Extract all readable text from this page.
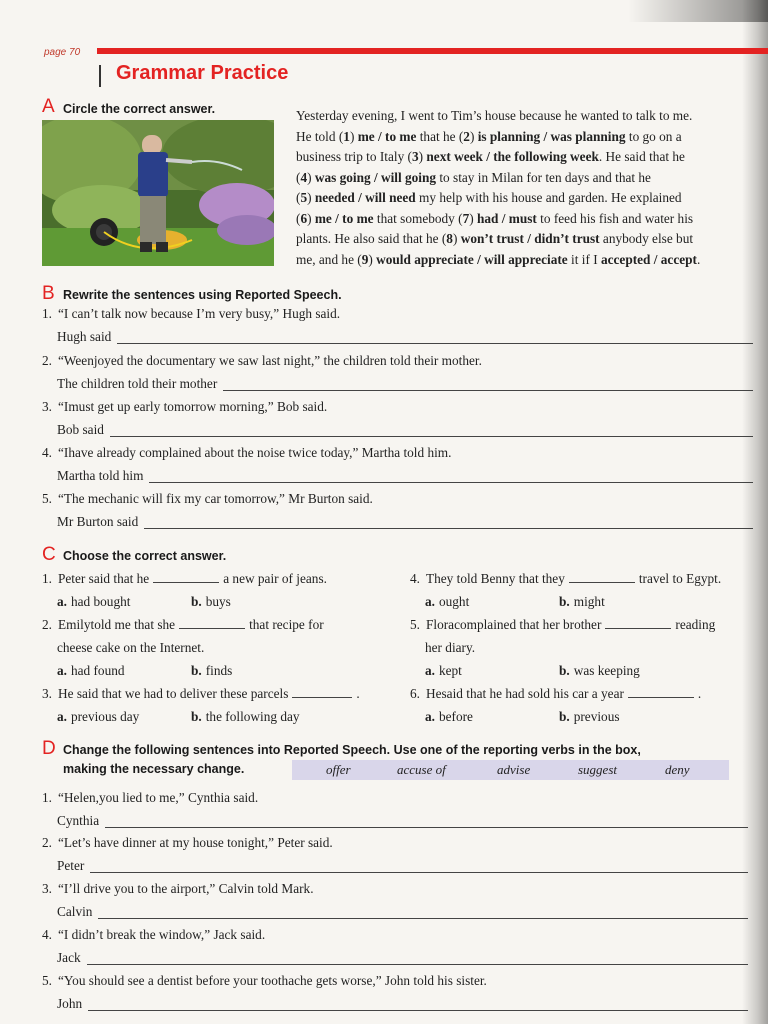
page 70
Grammar Practice
A Circle the correct answer.	Yesterday evening, I went to Tim’s house because he wanted to talk to me.
He told (1) me / to me that he (2) is planning / was planning to go on a
business trip to Italy (3) next week / the following week. He said that he
(4) was going / will going to stay in Milan for ten days and that he
(5) needed / will need my help with his house and garden. He explained
(6) me / to me that somebody (7) had / must to feed his fish and water his
plants. He also said that he (8) won’t trust / didn’t trust anybody else but
me, and he (9) would appreciate / will appreciate it if I accepted / accept.
B Rewrite the sentences using Reported Speech.
1. “I can’t talk now because I’m very busy,” Hugh said.
Hugh said
2. “Weenjoyed the documentary we saw last night,” the children told their mother.
The children told their mother
3. “Imust get up early tomorrow morning,” Bob said.
Bob said
4. “Ihave already complained about the noise twice today,” Martha told him.
Martha told him
5. “The mechanic will fix my car tomorrow,” Mr Burton said.
Mr Burton said
C Choose the correct answer.
1. Peter said that he	a new pair of jeans.
a. had bought	b. buys
2. Emilytold me that she	that recipe for
cheese cake on the Internet.
a. had found	b. finds
3. He said that we had to deliver these parcels	.
a. previous day	b. the following day
4. They told Benny that they	travel to Egypt.
a. ought	b. might
5. Floracomplained that her brother	reading
her diary.
a. kept	b. was keeping
6. Hesaid that he had sold his car a year	.
a. before	b. previous
D Change the following sentences into Reported Speech. Use one of the reporting verbs in the box,
making the necessary change.	offer	accuse of	advise	suggest	deny
1. “Helen,you lied to me,” Cynthia said.
Cynthia
2. “Let’s have dinner at my house tonight,” Peter said.
Peter
3. “I’ll drive you to the airport,” Calvin told Mark.
Calvin
4. “I didn’t break the window,” Jack said.
Jack
5. “You should see a dentist before your toothache gets worse,” John told his sister.
John
